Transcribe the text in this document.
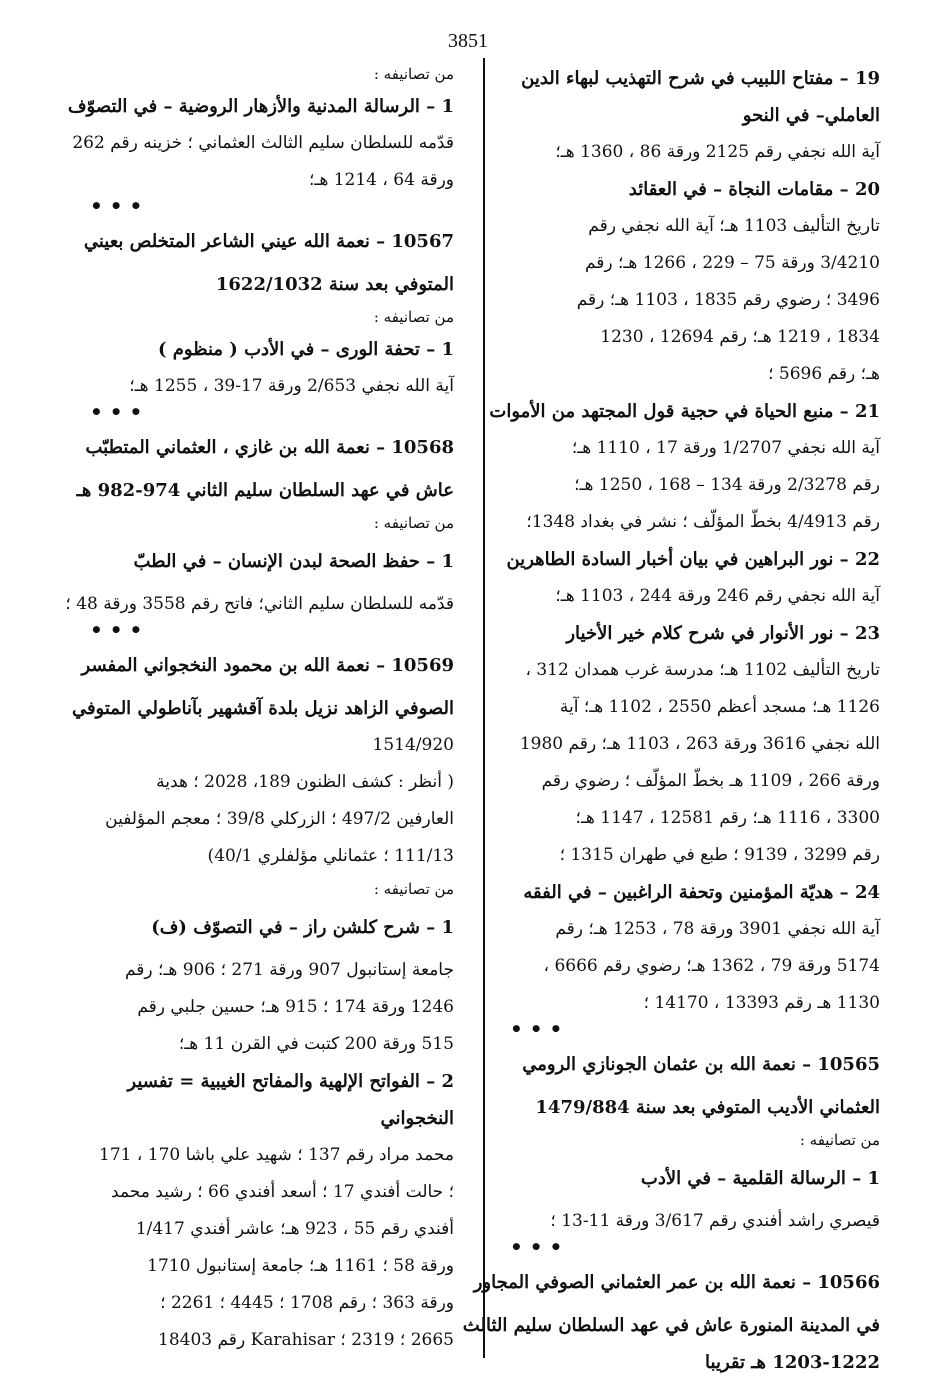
3851
19 – مفتاح اللبيب في شرح التهذيب لبهاء الدين
العاملي– في النحو
آية الله نجفي رقم 2125 ورقة 86 ، 1360 هـ؛
20 – مقامات النجاة – في العقائد
تاريخ التأليف 1103 هـ؛ آية الله نجفي رقم
3/4210 ورقة 75 – 229 ، 1266 هـ؛ رقم
3496 ؛ رضوي رقم 1835 ، 1103 هـ؛ رقم
1834 ، 1219 هـ؛ رقم 12694 ، 1230
هـ؛ رقم 5696 ؛
21 – منبع الحياة في حجية قول المجتهد من الأموات
آية الله نجفي 1/2707 ورقة 17 ، 1110 هـ؛
رقم 2/3278 ورقة 134 – 168 ، 1250 هـ؛
رقم 4/4913 بخطّ المؤلّف ؛ نشر في بغداد 1348؛
22 – نور البراهين في بيان أخبار السادة الطاهرين
آية الله نجفي رقم 246 ورقة 244 ، 1103 هـ؛
23 – نور الأنوار في شرح كلام خير الأخيار
تاريخ التأليف 1102 هـ؛ مدرسة غرب همدان 312 ،
1126 هـ؛ مسجد أعظم 2550 ، 1102 هـ؛ آية
الله نجفي 3616 ورقة 263 ، 1103 هـ؛ رقم 1980
ورقة 266 ، 1109 هـ بخطّ المؤلّف ؛ رضوي رقم
3300 ، 1116 هـ؛ رقم 12581 ، 1147 هـ؛
رقم 3299 ، 9139 ؛ طبع في طهران 1315 ؛
24 – هديّة المؤمنين وتحفة الراغبين – في الفقه
آية الله نجفي 3901 ورقة 78 ، 1253 هـ؛ رقم
5174 ورقة 79 ، 1362 هـ؛ رضوي رقم 6666 ،
1130 هـ رقم 13393 ، 14170 ؛
• • •
10565 – نعمة الله بن عثمان الجونازي الرومي
العثماني الأديب المتوفي بعد سنة 1479/884
من تصانيفه :
1 – الرسالة القلمية – في الأدب
قيصري راشد أفندي رقم 3/617 ورقة 11-13 ؛
• • •
10566 – نعمة الله بن عمر العثماني الصوفي المجاور
في المدينة المنورة عاش في عهد السلطان سليم الثالث
1203-1222 هـ تقريبا
من تصانيفه :
1 – الرسالة المدنية والأزهار الروضية – في التصوّف
قدّمه للسلطان سليم الثالث العثماني ؛ خزينه رقم 262
ورقة 64 ، 1214 هـ؛
• • •
10567 – نعمة الله عيني الشاعر المتخلص بعيني
المتوفي بعد سنة 1622/1032
من تصانيفه :
1 – تحفة الورى – في الأدب ( منظوم )
آية الله نجفي 2/653 ورقة 17-39 ، 1255 هـ؛
• • •
10568 – نعمة الله بن غازي ، العثماني المتطبّب
عاش في عهد السلطان سليم الثاني 974-982 هـ
من تصانيفه :
1 – حفظ الصحة لبدن الإنسان – في الطبّ
قدّمه للسلطان سليم الثاني؛ فاتح رقم 3558 ورقة 48 ؛
• • •
10569 – نعمة الله بن محمود النخجواني المفسر
الصوفي الزاهد نزيل بلدة آقشهير بآناطولي المتوفي
1514/920
( أنظر : كشف الظنون 189، 2028 ؛ هدية
العارفين 497/2 ؛ الزركلي 39/8 ؛ معجم المؤلفين
111/13 ؛ عثمانلي مؤلفلري 40/1)
من تصانيفه :
1 – شرح كلشن راز – في التصوّف (ف)
جامعة إستانبول 907 ورقة 271 ؛ 906 هـ؛ رقم
1246 ورقة 174 ؛ 915 هـ؛ حسين جلبي رقم
515 ورقة 200 كتبت في القرن 11 هـ؛
2 – الفواتح الإلهية والمفاتح الغيبية = تفسير
النخجواني
محمد مراد رقم 137 ؛ شهيد علي باشا 170 ، 171
؛ حالت أفندي 17 ؛ أسعد أفندي 66 ؛ رشيد محمد
أفندي رقم 55 ، 923 هـ؛ عاشر أفندي 1/417
ورقة 58 ؛ 1161 هـ؛ جامعة إستانبول 1710
ورقة 363 ؛ رقم 1708 ؛ 4445 ؛ 2261 ؛
2665 ؛ 2319 ؛ Karahisar رقم 18403
